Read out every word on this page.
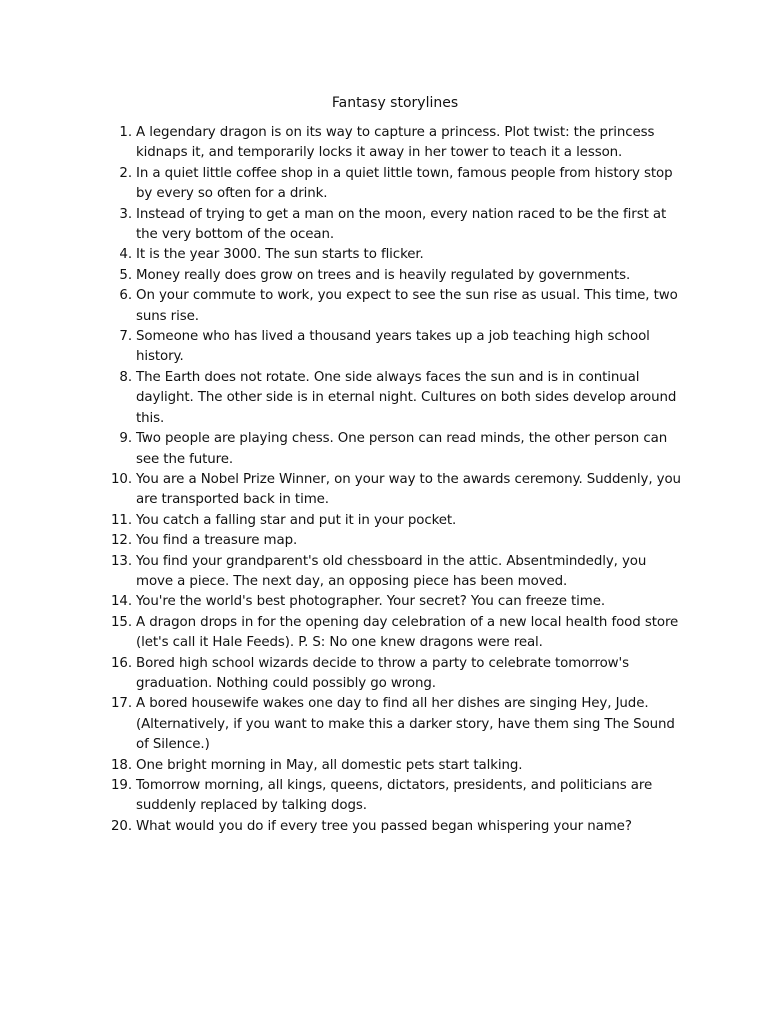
Fantasy storylines
1. A legendary dragon is on its way to capture a princess. Plot twist: the princess kidnaps it, and temporarily locks it away in her tower to teach it a lesson.
2. In a quiet little coffee shop in a quiet little town, famous people from history stop by every so often for a drink.
3. Instead of trying to get a man on the moon, every nation raced to be the first at the very bottom of the ocean.
4. It is the year 3000. The sun starts to flicker.
5. Money really does grow on trees and is heavily regulated by governments.
6. On your commute to work, you expect to see the sun rise as usual. This time, two suns rise.
7. Someone who has lived a thousand years takes up a job teaching high school history.
8. The Earth does not rotate. One side always faces the sun and is in continual daylight. The other side is in eternal night. Cultures on both sides develop around this.
9. Two people are playing chess. One person can read minds, the other person can see the future.
10. You are a Nobel Prize Winner, on your way to the awards ceremony. Suddenly, you are transported back in time.
11. You catch a falling star and put it in your pocket.
12. You find a treasure map.
13. You find your grandparent's old chessboard in the attic. Absentmindedly, you move a piece. The next day, an opposing piece has been moved.
14. You're the world's best photographer. Your secret? You can freeze time.
15. A dragon drops in for the opening day celebration of a new local health food store (let's call it Hale Feeds). P. S: No one knew dragons were real.
16. Bored high school wizards decide to throw a party to celebrate tomorrow's graduation. Nothing could possibly go wrong.
17. A bored housewife wakes one day to find all her dishes are singing Hey, Jude. (Alternatively, if you want to make this a darker story, have them sing The Sound of Silence.)
18. One bright morning in May, all domestic pets start talking.
19. Tomorrow morning, all kings, queens, dictators, presidents, and politicians are suddenly replaced by talking dogs.
20. What would you do if every tree you passed began whispering your name?
